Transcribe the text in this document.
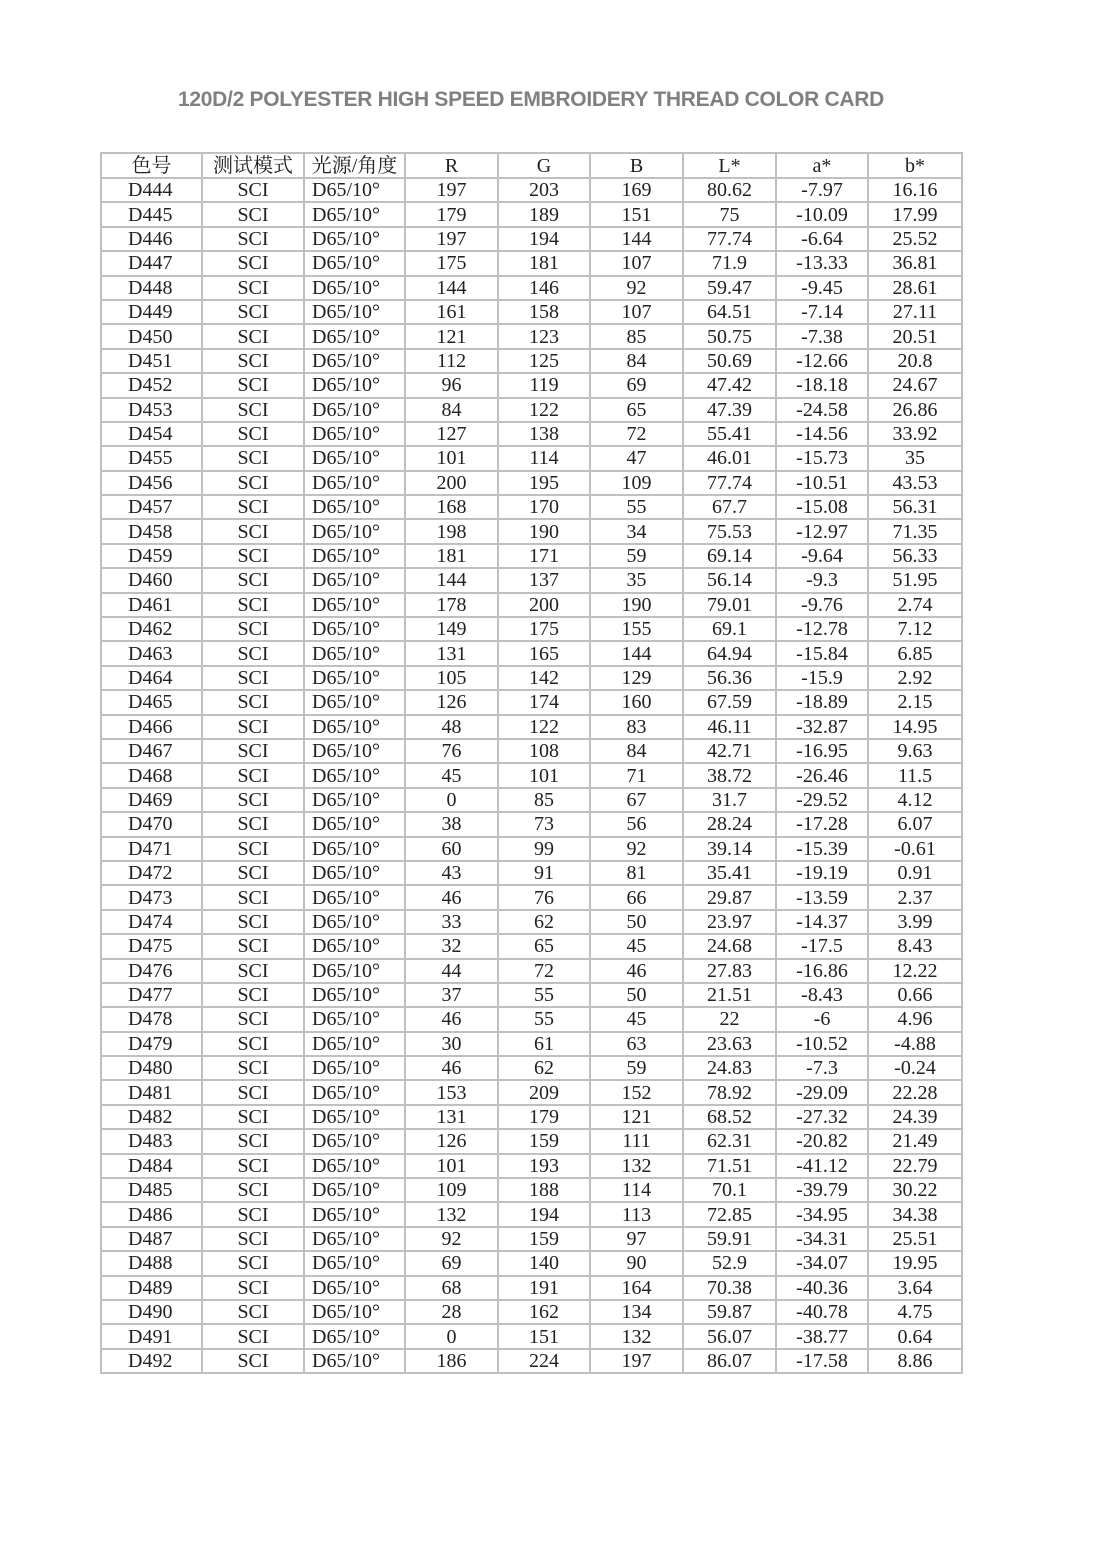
120D/2 POLYESTER HIGH SPEED EMBROIDERY THREAD COLOR CARD
色号	测试模式	光源/角度	R	G	B	L*	a*	b*
D444	SCI	D65/10°	197	203	169	80.62	-7.97	16.16
D445	SCI	D65/10°	179	189	151	75	-10.09	17.99
D446	SCI	D65/10°	197	194	144	77.74	-6.64	25.52
D447	SCI	D65/10°	175	181	107	71.9	-13.33	36.81
D448	SCI	D65/10°	144	146	92	59.47	-9.45	28.61
D449	SCI	D65/10°	161	158	107	64.51	-7.14	27.11
D450	SCI	D65/10°	121	123	85	50.75	-7.38	20.51
D451	SCI	D65/10°	112	125	84	50.69	-12.66	20.8
D452	SCI	D65/10°	96	119	69	47.42	-18.18	24.67
D453	SCI	D65/10°	84	122	65	47.39	-24.58	26.86
D454	SCI	D65/10°	127	138	72	55.41	-14.56	33.92
D455	SCI	D65/10°	101	114	47	46.01	-15.73	35
D456	SCI	D65/10°	200	195	109	77.74	-10.51	43.53
D457	SCI	D65/10°	168	170	55	67.7	-15.08	56.31
D458	SCI	D65/10°	198	190	34	75.53	-12.97	71.35
D459	SCI	D65/10°	181	171	59	69.14	-9.64	56.33
D460	SCI	D65/10°	144	137	35	56.14	-9.3	51.95
D461	SCI	D65/10°	178	200	190	79.01	-9.76	2.74
D462	SCI	D65/10°	149	175	155	69.1	-12.78	7.12
D463	SCI	D65/10°	131	165	144	64.94	-15.84	6.85
D464	SCI	D65/10°	105	142	129	56.36	-15.9	2.92
D465	SCI	D65/10°	126	174	160	67.59	-18.89	2.15
D466	SCI	D65/10°	48	122	83	46.11	-32.87	14.95
D467	SCI	D65/10°	76	108	84	42.71	-16.95	9.63
D468	SCI	D65/10°	45	101	71	38.72	-26.46	11.5
D469	SCI	D65/10°	0	85	67	31.7	-29.52	4.12
D470	SCI	D65/10°	38	73	56	28.24	-17.28	6.07
D471	SCI	D65/10°	60	99	92	39.14	-15.39	-0.61
D472	SCI	D65/10°	43	91	81	35.41	-19.19	0.91
D473	SCI	D65/10°	46	76	66	29.87	-13.59	2.37
D474	SCI	D65/10°	33	62	50	23.97	-14.37	3.99
D475	SCI	D65/10°	32	65	45	24.68	-17.5	8.43
D476	SCI	D65/10°	44	72	46	27.83	-16.86	12.22
D477	SCI	D65/10°	37	55	50	21.51	-8.43	0.66
D478	SCI	D65/10°	46	55	45	22	-6	4.96
D479	SCI	D65/10°	30	61	63	23.63	-10.52	-4.88
D480	SCI	D65/10°	46	62	59	24.83	-7.3	-0.24
D481	SCI	D65/10°	153	209	152	78.92	-29.09	22.28
D482	SCI	D65/10°	131	179	121	68.52	-27.32	24.39
D483	SCI	D65/10°	126	159	111	62.31	-20.82	21.49
D484	SCI	D65/10°	101	193	132	71.51	-41.12	22.79
D485	SCI	D65/10°	109	188	114	70.1	-39.79	30.22
D486	SCI	D65/10°	132	194	113	72.85	-34.95	34.38
D487	SCI	D65/10°	92	159	97	59.91	-34.31	25.51
D488	SCI	D65/10°	69	140	90	52.9	-34.07	19.95
D489	SCI	D65/10°	68	191	164	70.38	-40.36	3.64
D490	SCI	D65/10°	28	162	134	59.87	-40.78	4.75
D491	SCI	D65/10°	0	151	132	56.07	-38.77	0.64
D492	SCI	D65/10°	186	224	197	86.07	-17.58	8.86
